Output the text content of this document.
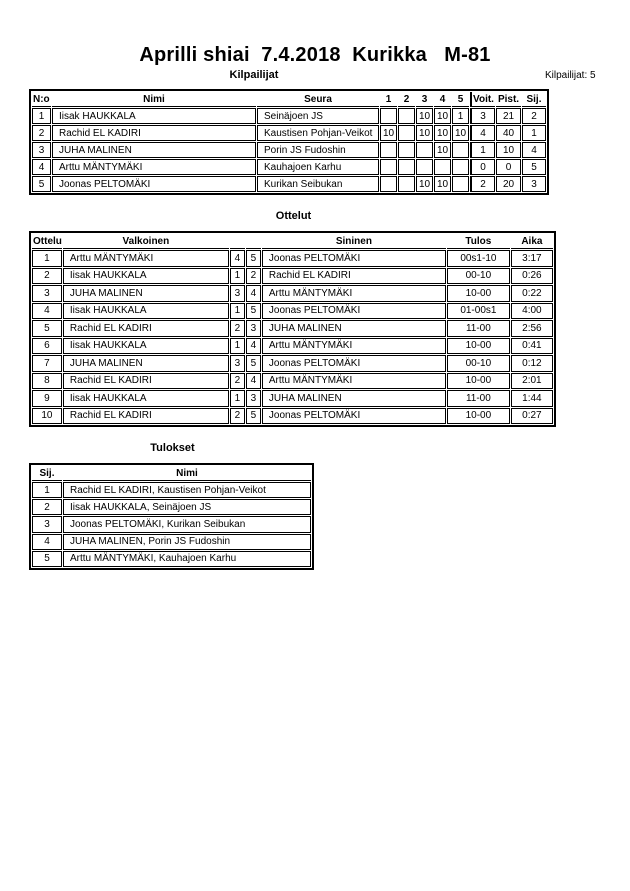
Aprilli shiai  7.4.2018  Kurikka   M-81
Kilpailijat	Kilpailijat: 5
N:o	Nimi	Seura	1	2	3	4	5	Voit.	Pist.	Sij.
1	Iisak HAUKKALA	Seinäjoen JS			10	10	1	3	21	2
2	Rachid EL KADIRI	Kaustisen Pohjan-Veikot	10		10	10	10	4	40	1
3	JUHA MALINEN	Porin JS Fudoshin				10		1	10	4
4	Arttu MÄNTYMÄKI	Kauhajoen Karhu						0	0	5
5	Joonas PELTOMÄKI	Kurikan Seibukan			10	10		2	20	3
Ottelut
Ottelu	Valkoinen			Sininen	Tulos	Aika
1	Arttu MÄNTYMÄKI	4	5	Joonas PELTOMÄKI	00s1-10	3:17
2	Iisak HAUKKALA	1	2	Rachid EL KADIRI	00-10	0:26
3	JUHA MALINEN	3	4	Arttu MÄNTYMÄKI	10-00	0:22
4	Iisak HAUKKALA	1	5	Joonas PELTOMÄKI	01-00s1	4:00
5	Rachid EL KADIRI	2	3	JUHA MALINEN	11-00	2:56
6	Iisak HAUKKALA	1	4	Arttu MÄNTYMÄKI	10-00	0:41
7	JUHA MALINEN	3	5	Joonas PELTOMÄKI	00-10	0:12
8	Rachid EL KADIRI	2	4	Arttu MÄNTYMÄKI	10-00	2:01
9	Iisak HAUKKALA	1	3	JUHA MALINEN	11-00	1:44
10	Rachid EL KADIRI	2	5	Joonas PELTOMÄKI	10-00	0:27
Tulokset
Sij.	Nimi
1	Rachid EL KADIRI, Kaustisen Pohjan-Veikot
2	Iisak HAUKKALA, Seinäjoen JS
3	Joonas PELTOMÄKI, Kurikan Seibukan
4	JUHA MALINEN, Porin JS Fudoshin
5	Arttu MÄNTYMÄKI, Kauhajoen Karhu
